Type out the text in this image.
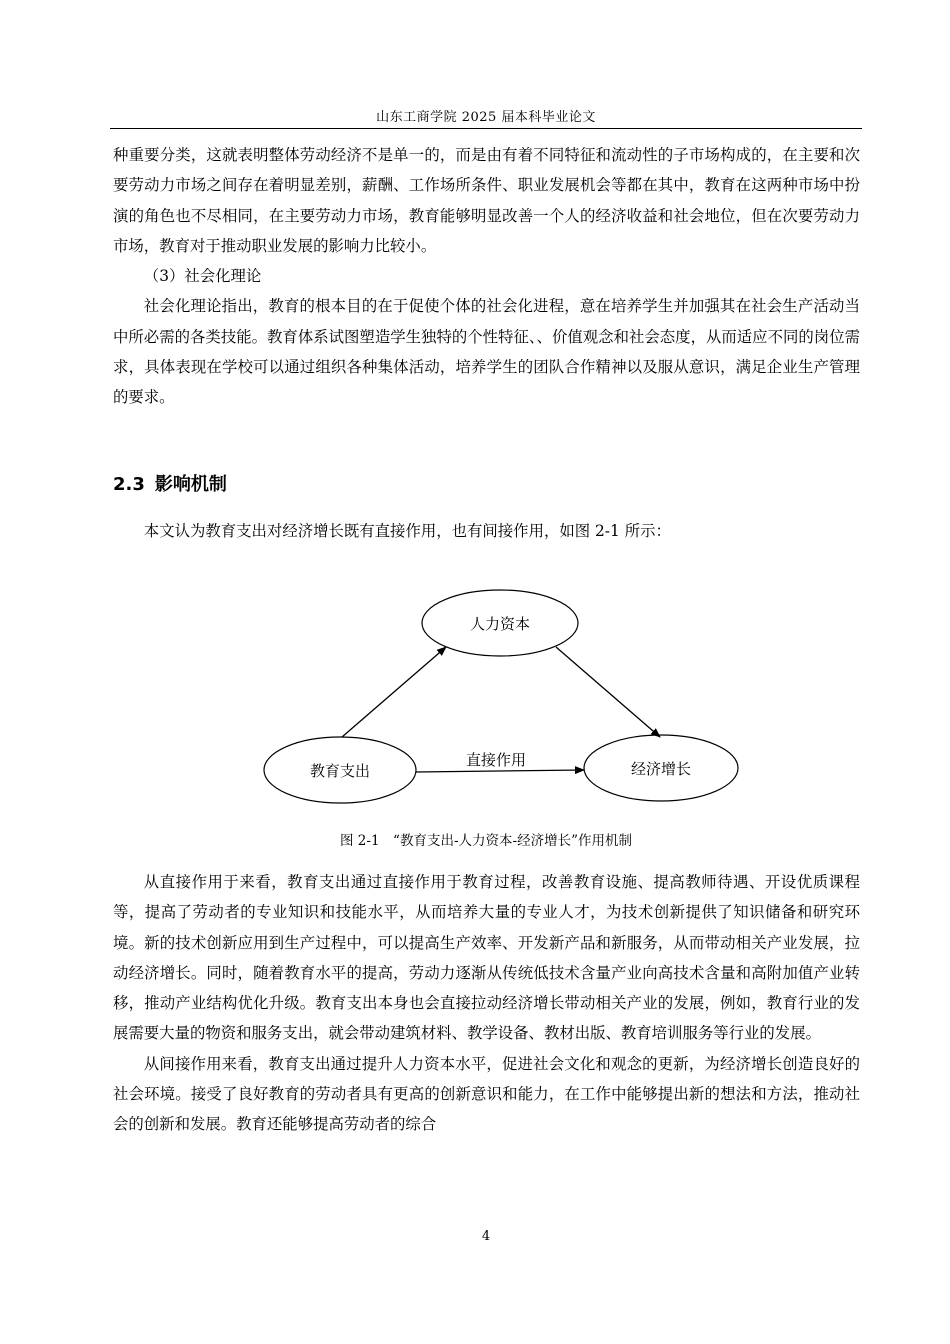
山东工商学院 2025 届本科毕业论文

种重要分类，这就表明整体劳动经济不是单一的，而是由有着不同特征和流动性的子市场构成的，在主要和次要劳动力市场之间存在着明显差别，薪酬、工作场所条件、职业发展机会等都在其中，教育在这两种市场中扮演的角色也不尽相同，在主要劳动力市场，教育能够明显改善一个人的经济收益和社会地位，但在次要劳动力市场，教育对于推动职业发展的影响力比较小。

（3）社会化理论

社会化理论指出，教育的根本目的在于促使个体的社会化进程，意在培养学生并加强其在社会生产活动当中所必需的各类技能。教育体系试图塑造学生独特的个性特征、、价值观念和社会态度，从而适应不同的岗位需求，具体表现在学校可以通过组织各种集体活动，培养学生的团队合作精神以及服从意识，满足企业生产管理的要求。

2.3 影响机制

本文认为教育支出对经济增长既有直接作用，也有间接作用，如图 2-1 所示：

人力资本
教育支出	经济增长
直接作用
图 2-1　“教育支出-人力资本-经济增长”作用机制

从直接作用于来看，教育支出通过直接作用于教育过程，改善教育设施、提高教师待遇、开设优质课程等，提高了劳动者的专业知识和技能水平，从而培养大量的专业人才，为技术创新提供了知识储备和研究环境。新的技术创新应用到生产过程中，可以提高生产效率、开发新产品和新服务，从而带动相关产业发展，拉动经济增长。同时，随着教育水平的提高，劳动力逐渐从传统低技术含量产业向高技术含量和高附加值产业转移，推动产业结构优化升级。教育支出本身也会直接拉动经济增长带动相关产业的发展，例如，教育行业的发展需要大量的物资和服务支出，就会带动建筑材料、教学设备、教材出版、教育培训服务等行业的发展。

从间接作用来看，教育支出通过提升人力资本水平，促进社会文化和观念的更新，为经济增长创造良好的社会环境。接受了良好教育的劳动者具有更高的创新意识和能力，在工作中能够提出新的想法和方法，推动社会的创新和发展。教育还能够提高劳动者的综合

4
